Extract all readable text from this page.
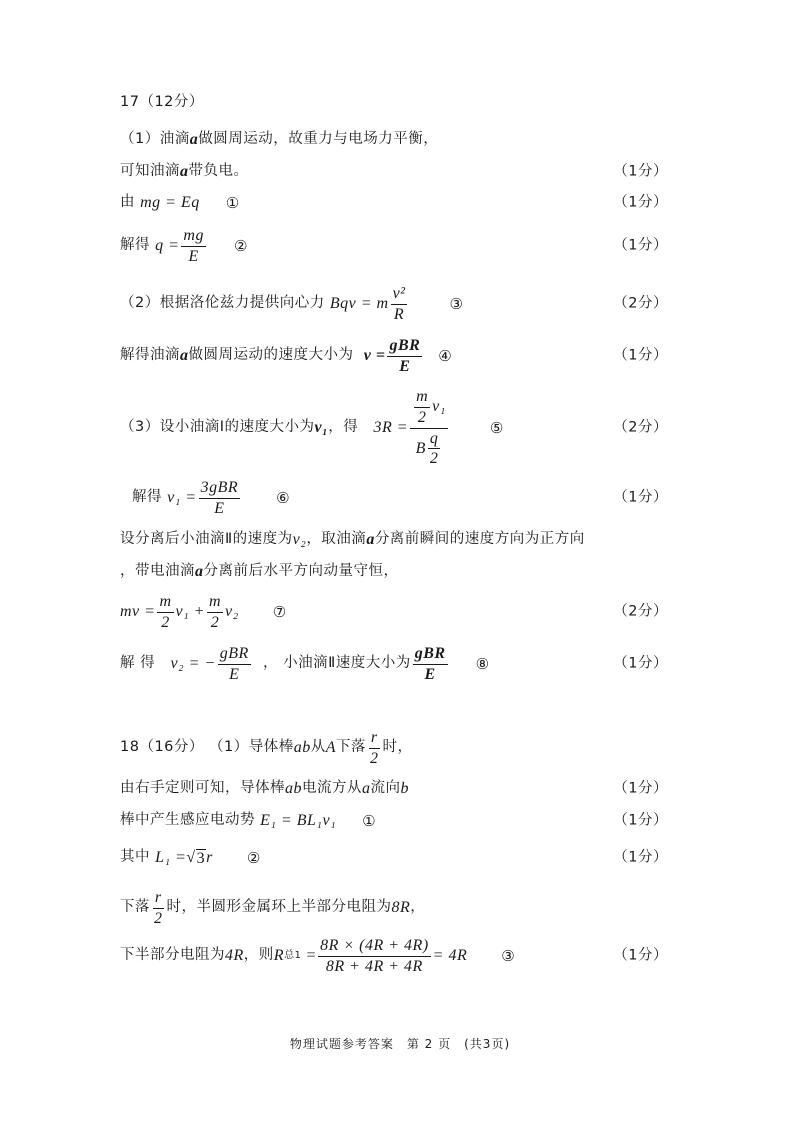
17（12分）
（1）油滴 a 做圆周运动，故重力与电场力平衡，
可知油滴 a 带负电。	（1分）
由
mg = Eq ①	（1分）
解得
$q = \frac{mg}{E}$ ②	（1分）
（2）根据洛伦兹力提供向心力
Bqv = m $\frac{\text{v²}}{R}$	③	（2分）
解得油滴 a 做圆周运动的速度大小为
$v = \frac{\text{gBR}}{E}$ ④	（1分）
（3）设小油滴Ⅰ的速度大小为 v₁ ，得
$3R = \frac{\frac{m}{2} v_1}{B \frac{q}{2}}$	⑤	（2分）
解得
$v_1 = \frac{\text{3gBR}}{E}$ ⑥	（1分）
设分离后小油滴Ⅱ的速度为 v₂ ，取油滴 a 分离前瞬间的速度方向为正方向
，带电油滴 a 分离前后水平方向动量守恒，
mv = $\frac{m}{2} v_1 + \frac{m}{2} v_2$ ⑦	（2分）
解 得
v₂ = − $\frac{\text{gBR}}{E}$
， 小油滴Ⅱ速度大小为 $\frac{\text{gBR}}{E}$ ⑧	（1分）
18（16分）
（1）导体棒 ab 从 A 下落 $\frac{r}{2}$ 时，
由右手定则可知，导体棒 ab 电流方从 a 流向 b	（1分）
棒中产生感应电动势
E₁ = BL₁v₁ ①	（1分）
其中
L₁ = √ 3 r ②	（1分）
下落 $\frac{r}{2}$ 时，半圆形金属环上半部分电阻为 8R ，
下半部分电阻为 4R ，则 R 总1
= $\frac{8R \times (4R + 4R)}{8R + 4R + 4R} = 4R$ ③	（1分）
物理试题参考答案　第 2 页　(共3页)
